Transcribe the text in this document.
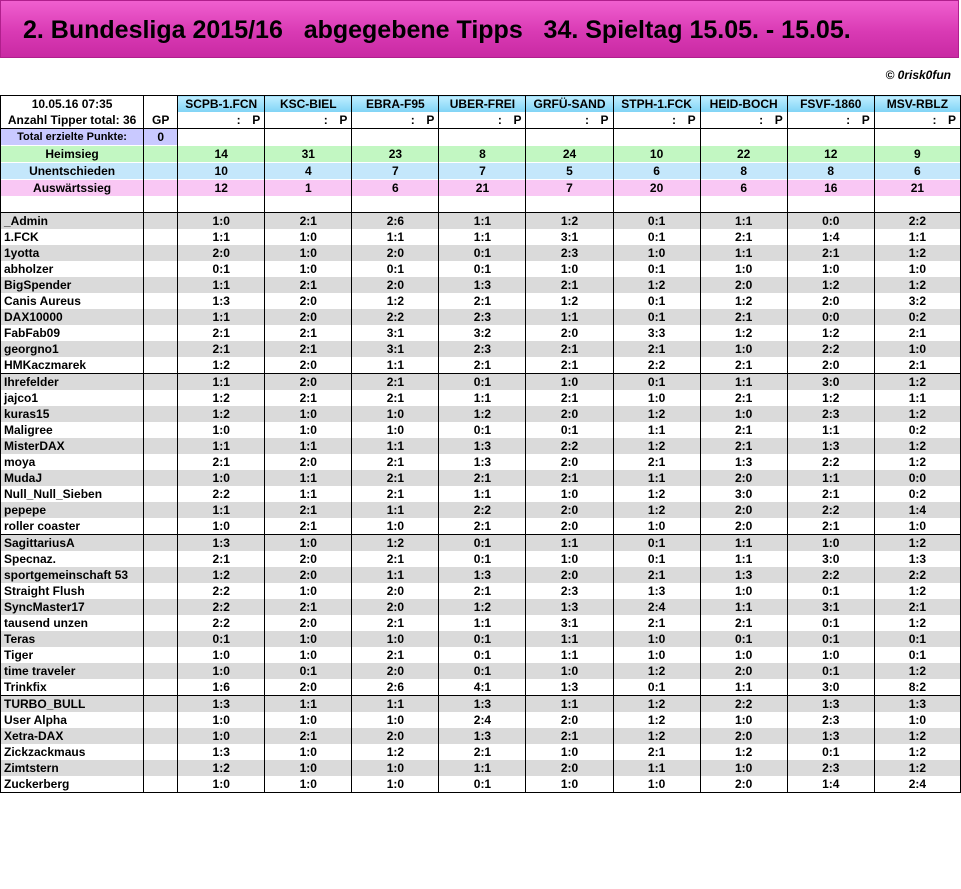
2. Bundesliga 2015/16   abgegebene Tipps   34. Spieltag 15.05. - 15.05.
© 0risk0fun
10.05.16 07:35		SCPB-1.FCN	KSC-BIEL	EBRA-F95	UBER-FREI	GRFÜ-SAND	STPH-1.FCK	HEID-BOCH	FSVF-1860	MSV-RBLZ
Anzahl Tipper total: 36	GP	: P	: P	: P	: P	: P	: P	: P	: P	: P

Total erzielte Punkte:	0									
Heimsieg		14	31	23	8	24	10	22	12	9
Unentschieden		10	4	7	7	5	6	8	8	6
Auswärtssieg		12	1	6	21	7	20	6	16	21

_Admin		1:0	2:1	2:6	1:1	1:2	0:1	1:1	0:0	2:2
1.FCK		1:1	1:0	1:1	1:1	3:1	0:1	2:1	1:4	1:1
1yotta		2:0	1:0	2:0	0:1	2:3	1:0	1:1	2:1	1:2
abholzer		0:1	1:0	0:1	0:1	1:0	0:1	1:0	1:0	1:0
BigSpender		1:1	2:1	2:0	1:3	2:1	1:2	2:0	1:2	1:2
Canis Aureus		1:3	2:0	1:2	2:1	1:2	0:1	1:2	2:0	3:2
DAX10000		1:1	2:0	2:2	2:3	1:1	0:1	2:1	0:0	0:2
FabFab09		2:1	2:1	3:1	3:2	2:0	3:3	1:2	1:2	2:1
georgno1		2:1	2:1	3:1	2:3	2:1	2:1	1:0	2:2	1:0
HMKaczmarek		1:2	2:0	1:1	2:1	2:1	2:2	2:1	2:0	2:1
Ihrefelder		1:1	2:0	2:1	0:1	1:0	0:1	1:1	3:0	1:2
jajco1		1:2	2:1	2:1	1:1	2:1	1:0	2:1	1:2	1:1
kuras15		1:2	1:0	1:0	1:2	2:0	1:2	1:0	2:3	1:2
Maligree		1:0	1:0	1:0	0:1	0:1	1:1	2:1	1:1	0:2
MisterDAX		1:1	1:1	1:1	1:3	2:2	1:2	2:1	1:3	1:2
moya		2:1	2:0	2:1	1:3	2:0	2:1	1:3	2:2	1:2
MudaJ		1:0	1:1	2:1	2:1	2:1	1:1	2:0	1:1	0:0
Null_Null_Sieben		2:2	1:1	2:1	1:1	1:0	1:2	3:0	2:1	0:2
pepepe		1:1	2:1	1:1	2:2	2:0	1:2	2:0	2:2	1:4
roller coaster		1:0	2:1	1:0	2:1	2:0	1:0	2:0	2:1	1:0
SagittariusA		1:3	1:0	1:2	0:1	1:1	0:1	1:1	1:0	1:2
Specnaz.		2:1	2:0	2:1	0:1	1:0	0:1	1:1	3:0	1:3
sportgemeinschaft 53		1:2	2:0	1:1	1:3	2:0	2:1	1:3	2:2	2:2
Straight Flush		2:2	1:0	2:0	2:1	2:3	1:3	1:0	0:1	1:2
SyncMaster17		2:2	2:1	2:0	1:2	1:3	2:4	1:1	3:1	2:1
tausend unzen		2:2	2:0	2:1	1:1	3:1	2:1	2:1	0:1	1:2
Teras		0:1	1:0	1:0	0:1	1:1	1:0	0:1	0:1	0:1
Tiger		1:0	1:0	2:1	0:1	1:1	1:0	1:0	1:0	0:1
time traveler		1:0	0:1	2:0	0:1	1:0	1:2	2:0	0:1	1:2
Trinkfix		1:6	2:0	2:6	4:1	1:3	0:1	1:1	3:0	8:2
TURBO_BULL		1:3	1:1	1:1	1:3	1:1	1:2	2:2	1:3	1:3
User Alpha		1:0	1:0	1:0	2:4	2:0	1:2	1:0	2:3	1:0
Xetra-DAX		1:0	2:1	2:0	1:3	2:1	1:2	2:0	1:3	1:2
Zickzackmaus		1:3	1:0	1:2	2:1	1:0	2:1	1:2	0:1	1:2
Zimtstern		1:2	1:0	1:0	1:1	2:0	1:1	1:0	2:3	1:2
Zuckerberg		1:0	1:0	1:0	0:1	1:0	1:0	2:0	1:4	2:4
